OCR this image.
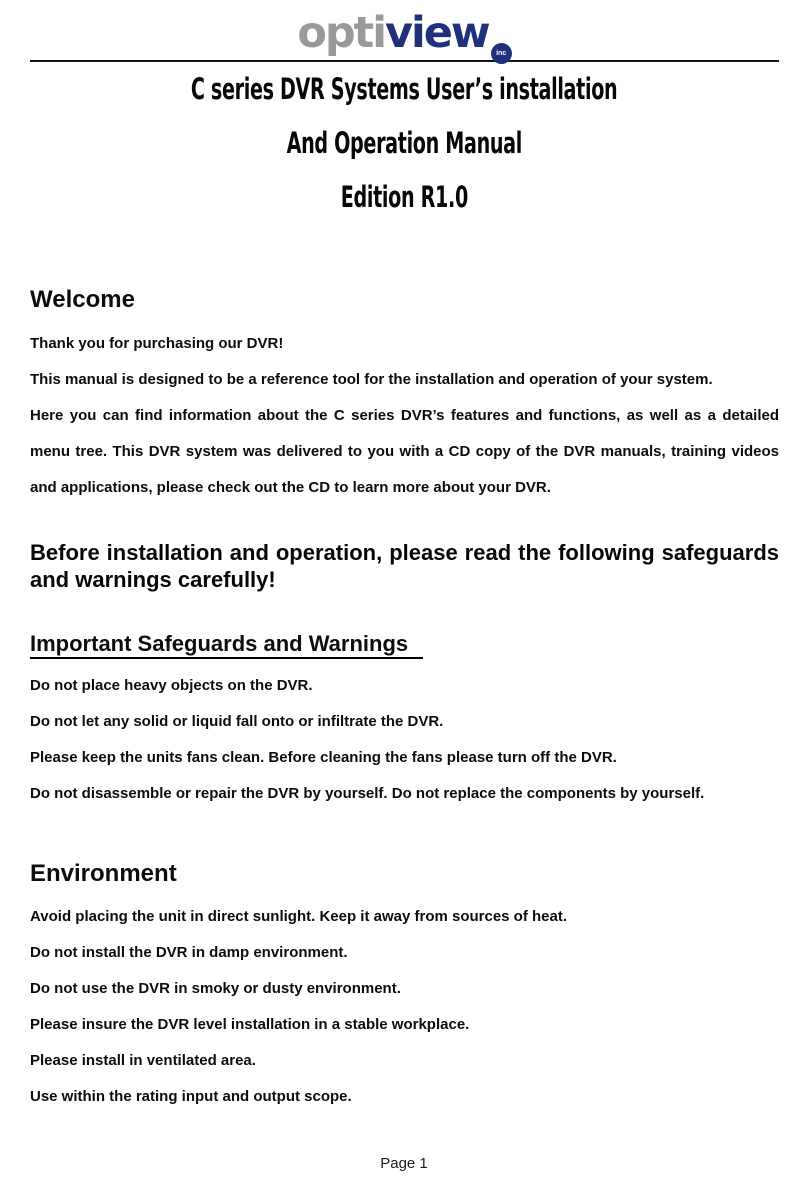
optiview inc
C series DVR Systems User’s installation
And Operation Manual
Edition R1.0
Welcome

Thank you for purchasing our DVR!

This manual is designed to be a reference tool for the installation and operation of your system.

Here you can find information about the C series DVR’s features and functions, as well as a detailed menu tree. This DVR system was delivered to you with a CD copy of the DVR manuals, training videos and applications, please check out the CD to learn more about your DVR.

Before installation and operation, please read the following safeguards and warnings carefully!

Important Safeguards and Warnings

Do not place heavy objects on the DVR.

Do not let any solid or liquid fall onto or infiltrate the DVR.

Please keep the units fans clean. Before cleaning the fans please turn off the DVR.

Do not disassemble or repair the DVR by yourself. Do not replace the components by yourself.

Environment

Avoid placing the unit in direct sunlight. Keep it away from sources of heat.

Do not install the DVR in damp environment.

Do not use the DVR in smoky or dusty environment.

Please insure the DVR level installation in a stable workplace.

Please install in ventilated area.

Use within the rating input and output scope.

Page 1
